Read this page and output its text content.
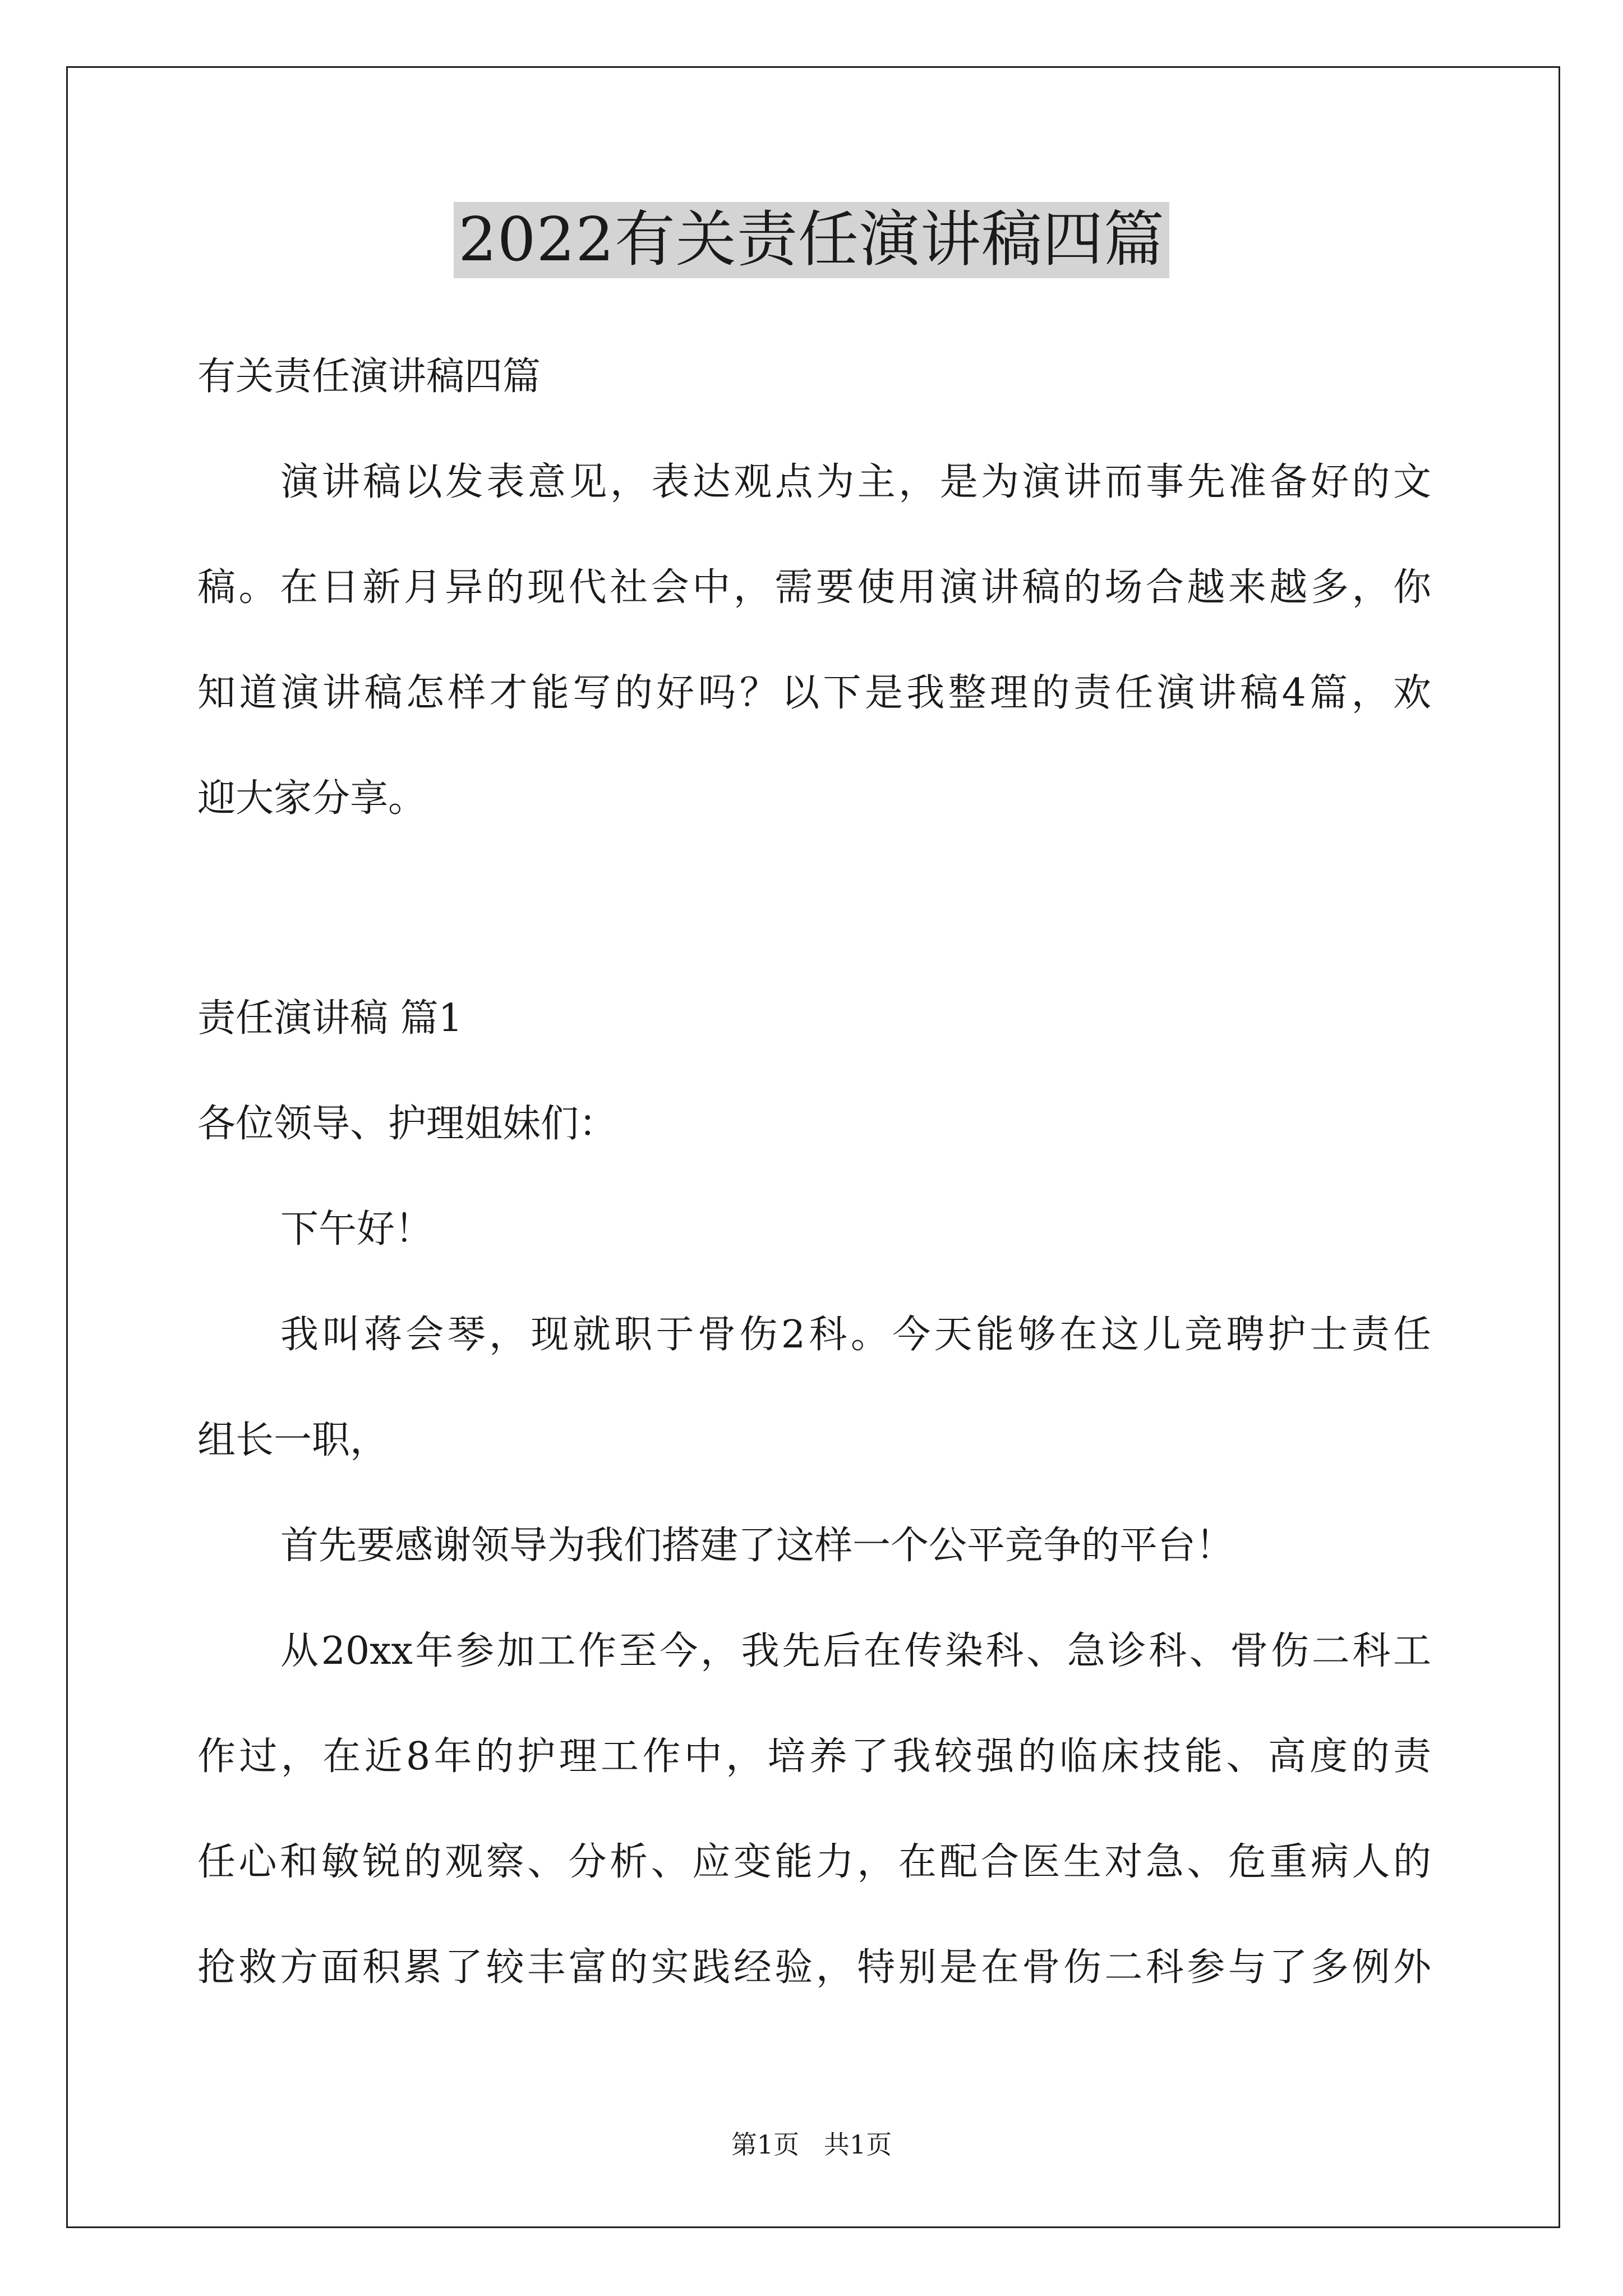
2022有关责任演讲稿四篇
有关责任演讲稿四篇
演讲稿以发表意见，表达观点为主，是为演讲而事先准备好的文
稿。在日新月异的现代社会中，需要使用演讲稿的场合越来越多，你
知道演讲稿怎样才能写的好吗？以下是我整理的责任演讲稿4篇，欢
迎大家分享。
责任演讲稿 篇1
各位领导、护理姐妹们：
下午好！
我叫蒋会琴，现就职于骨伤2科。今天能够在这儿竞聘护士责任
组长一职，
首先要感谢领导为我们搭建了这样一个公平竞争的平台！
从20xx年参加工作至今，我先后在传染科、急诊科、骨伤二科工
作过，在近8年的护理工作中，培养了我较强的临床技能、高度的责
任心和敏锐的观察、分析、应变能力，在配合医生对急、危重病人的
抢救方面积累了较丰富的实践经验，特别是在骨伤二科参与了多例外
第1页   共1页
